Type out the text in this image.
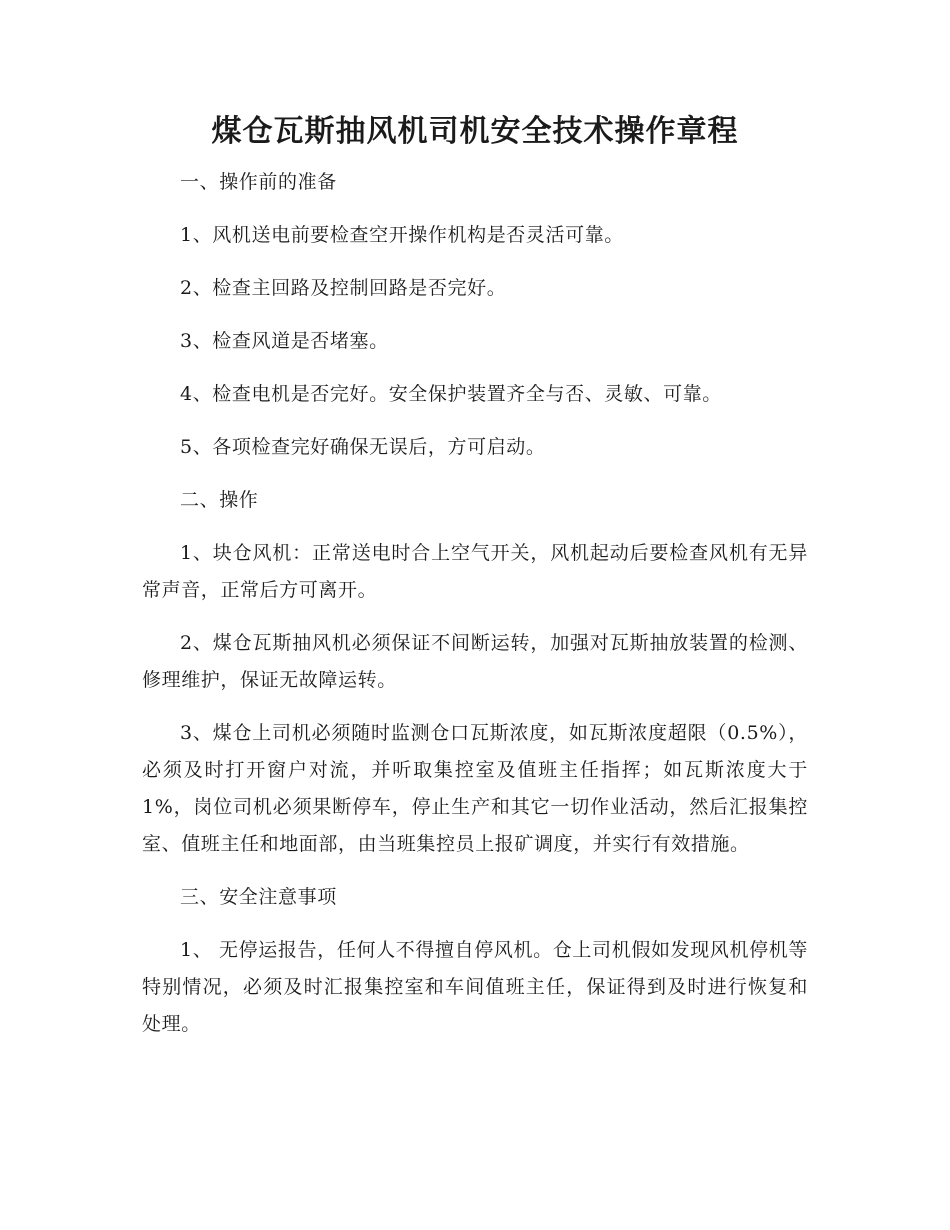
煤仓瓦斯抽风机司机安全技术操作章程

一、操作前的准备

1、风机送电前要检查空开操作机构是否灵活可靠。

2、检查主回路及控制回路是否完好。

3、检查风道是否堵塞。

4、检查电机是否完好。安全保护装置齐全与否、灵敏、可靠。

5、各项检查完好确保无误后，方可启动。

二、操作

1、块仓风机：正常送电时合上空气开关，风机起动后要检查风机有无异常声音，正常后方可离开。

2、煤仓瓦斯抽风机必须保证不间断运转，加强对瓦斯抽放装置的检测、修理维护，保证无故障运转。

3、煤仓上司机必须随时监测仓口瓦斯浓度，如瓦斯浓度超限（0.5%），必须及时打开窗户对流，并听取集控室及值班主任指挥；如瓦斯浓度大于1%，岗位司机必须果断停车，停止生产和其它一切作业活动，然后汇报集控室、值班主任和地面部，由当班集控员上报矿调度，并实行有效措施。

三、安全注意事项

1、 无停运报告，任何人不得擅自停风机。仓上司机假如发现风机停机等特别情况，必须及时汇报集控室和车间值班主任，保证得到及时进行恢复和处理。
